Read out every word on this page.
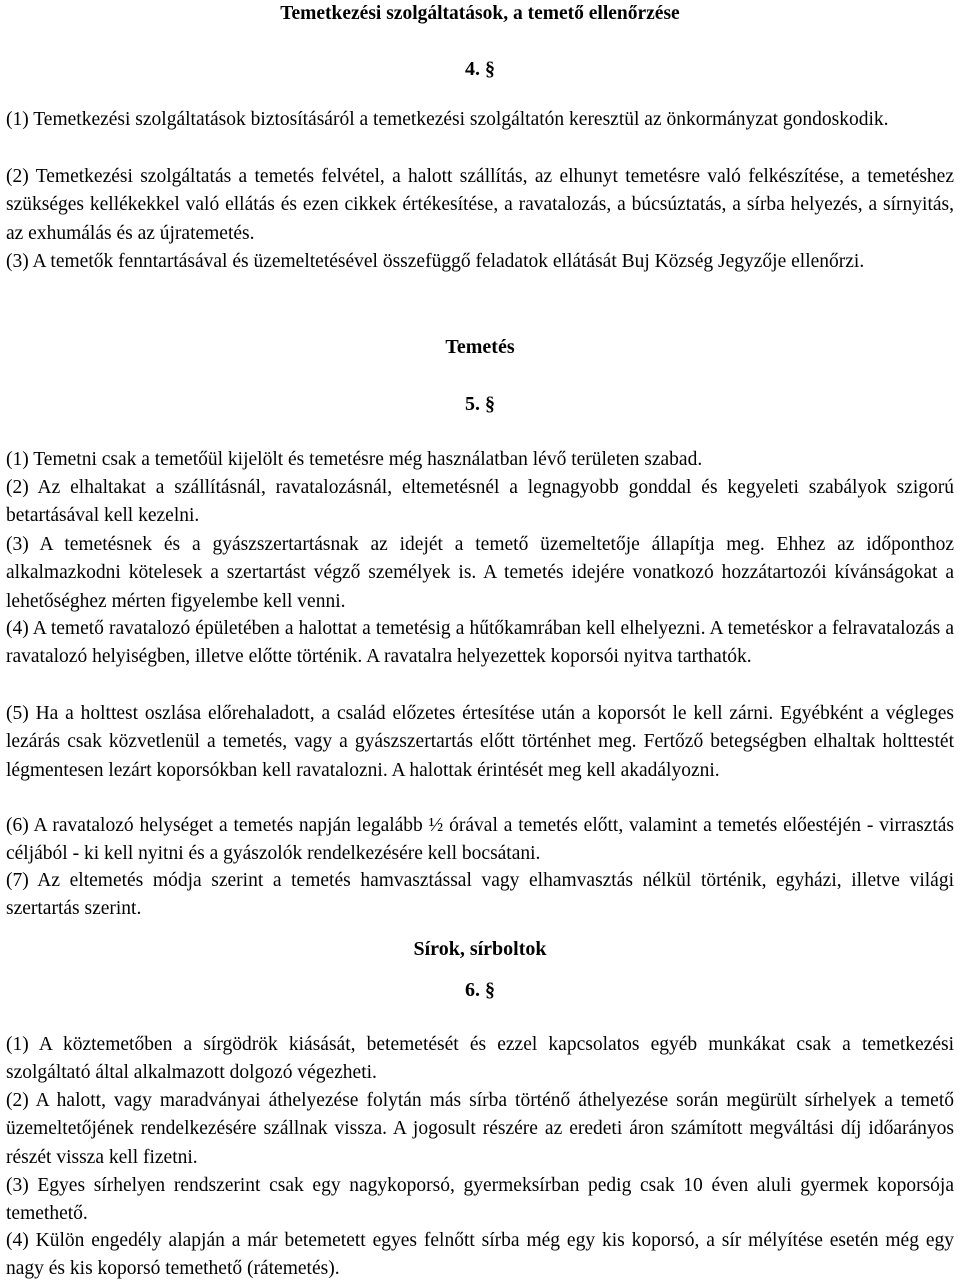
Temetkezési szolgáltatások, a temető ellenőrzése
4. §
(1) Temetkezési szolgáltatások biztosításáról a temetkezési szolgáltatón keresztül az önkormányzat gondoskodik.
(2) Temetkezési szolgáltatás a temetés felvétel, a halott szállítás, az elhunyt temetésre való felkészítése, a temetéshez szükséges kellékekkel való ellátás és ezen cikkek értékesítése, a ravatalozás, a búcsúztatás, a sírba helyezés, a sírnyitás, az exhumálás és az újratemetés.
(3) A temetők fenntartásával és üzemeltetésével összefüggő feladatok ellátását Buj Község Jegyzője ellenőrzi.
Temetés
5. §
(1) Temetni csak a temetőül kijelölt és temetésre még használatban lévő területen szabad.
(2) Az elhaltakat a szállításnál, ravatalozásnál, eltemetésnél a legnagyobb gonddal és kegyeleti szabályok szigorú betartásával kell kezelni.
(3) A temetésnek és a gyászszertartásnak az idejét a temető üzemeltetője állapítja meg. Ehhez az időponthoz alkalmazkodni kötelesek a szertartást végző személyek is. A temetés idejére vonatkozó hozzátartozói kívánságokat a lehetőséghez mérten figyelembe kell venni.
(4) A temető ravatalozó épületében a halottat a temetésig a hűtőkamrában kell elhelyezni. A temetéskor a felravatalozás a ravatalozó helyiségben, illetve előtte történik. A ravatalra helyezettek koporsói nyitva tarthatók.
(5) Ha a holttest oszlása előrehaladott, a család előzetes értesítése után a koporsót le kell zárni. Egyébként a végleges lezárás csak közvetlenül a temetés, vagy a gyászszertartás előtt történhet meg. Fertőző betegségben elhaltak holttestét légmentesen lezárt koporsókban kell ravatalozni. A halottak érintését meg kell akadályozni.
(6) A ravatalozó helységet a temetés napján legalább ½ órával a temetés előtt, valamint a temetés előestéjén - virrasztás céljából - ki kell nyitni és a gyászolók rendelkezésére kell bocsátani.
(7) Az eltemetés módja szerint a temetés hamvasztással vagy elhamvasztás nélkül történik, egyházi, illetve világi szertartás szerint.
Sírok, sírboltok
6. §
(1) A köztemetőben a sírgödrök kiásását, betemetését és ezzel kapcsolatos egyéb munkákat csak a temetkezési szolgáltató által alkalmazott dolgozó végezheti.
(2) A halott, vagy maradványai áthelyezése folytán más sírba történő áthelyezése során megürült sírhelyek a temető üzemeltetőjének rendelkezésére szállnak vissza. A jogosult részére az eredeti áron számított megváltási díj időarányos részét vissza kell fizetni.
(3) Egyes sírhelyen rendszerint csak egy nagykoporsó, gyermeksírban pedig csak 10 éven aluli gyermek koporsója temethető.
(4) Külön engedély alapján a már betemetett egyes felnőtt sírba még egy kis koporsó, a sír mélyítése esetén még egy nagy és kis koporsó temethető (rátemetés).
